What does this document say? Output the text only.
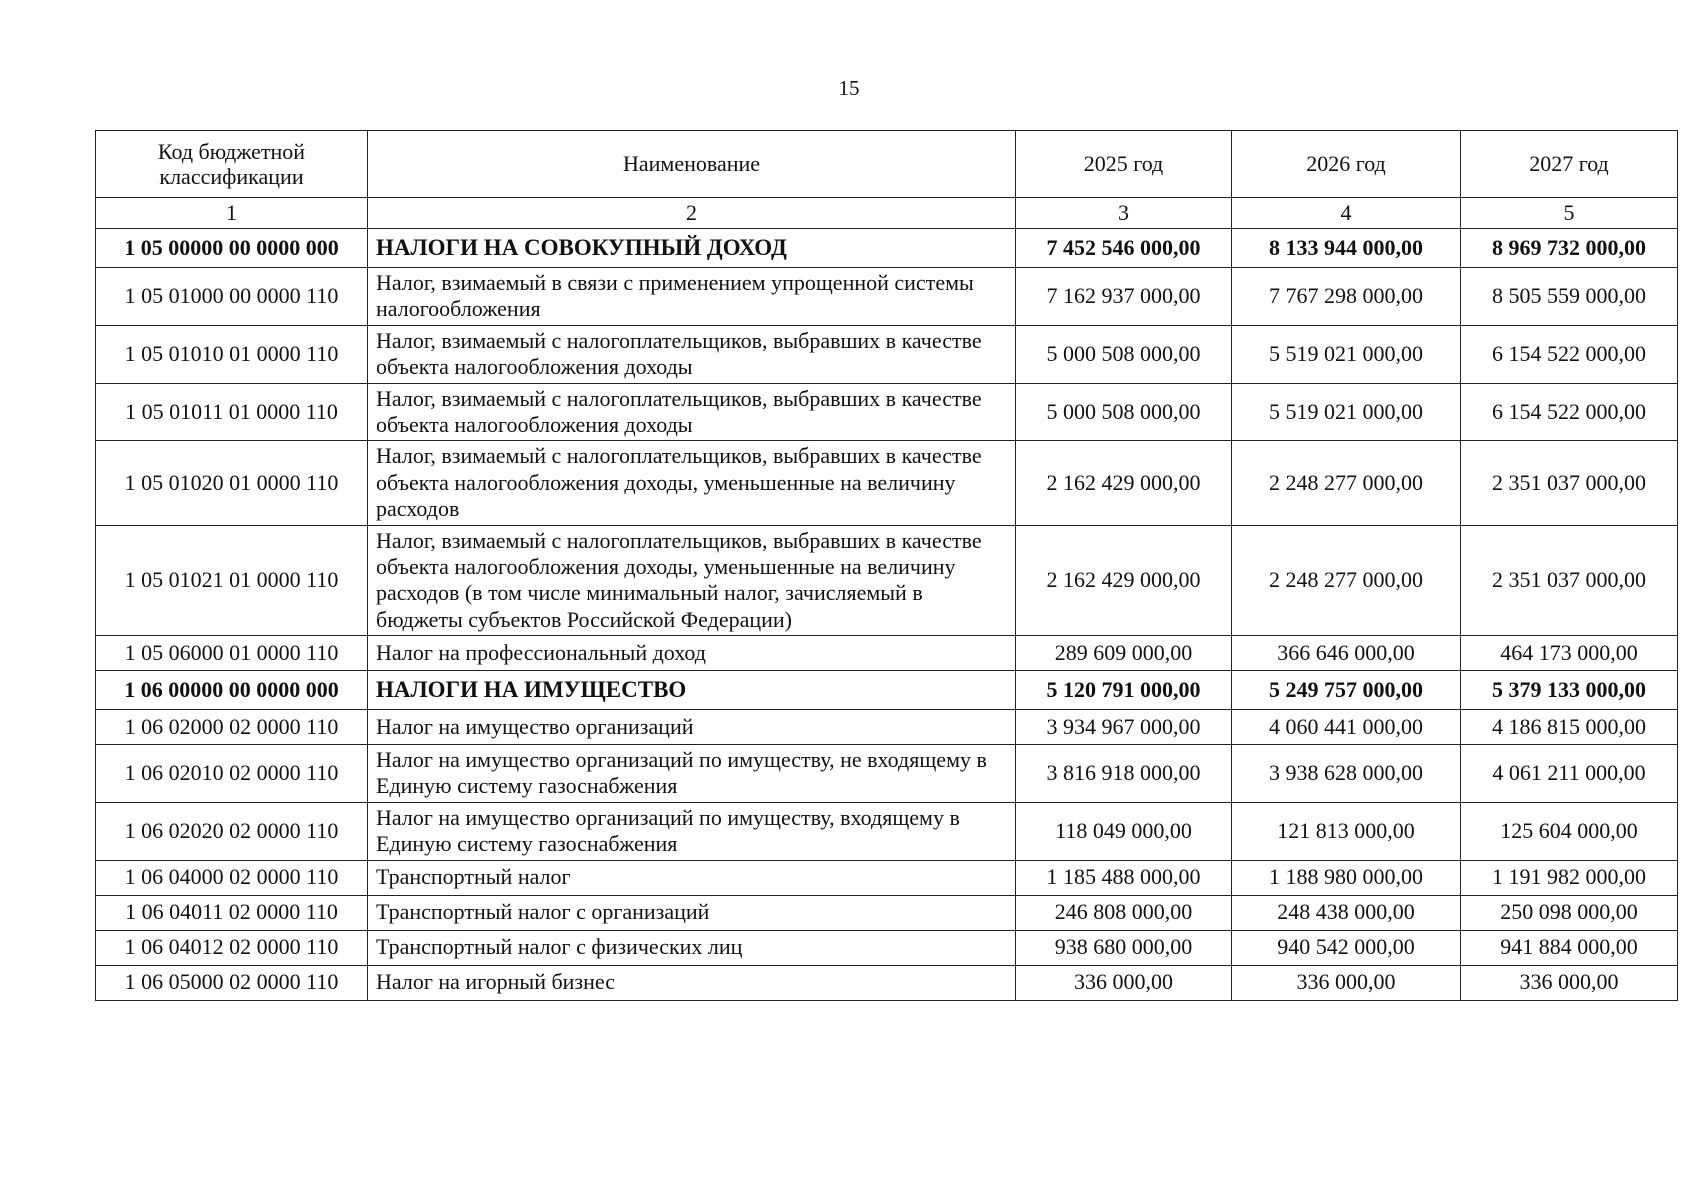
15
Код бюджетной классификации	Наименование	2025 год	2026 год	2027 год
1	2	3	4	5
1 05 00000 00 0000 000	НАЛОГИ НА СОВОКУПНЫЙ ДОХОД	7 452 546 000,00	8 133 944 000,00	8 969 732 000,00
1 05 01000 00 0000 110	Налог, взимаемый в связи с применением упрощенной системы налогообложения	7 162 937 000,00	7 767 298 000,00	8 505 559 000,00
1 05 01010 01 0000 110	Налог, взимаемый с налогоплательщиков, выбравших в качестве объекта налогообложения доходы	5 000 508 000,00	5 519 021 000,00	6 154 522 000,00
1 05 01011 01 0000 110	Налог, взимаемый с налогоплательщиков, выбравших в качестве объекта налогообложения доходы	5 000 508 000,00	5 519 021 000,00	6 154 522 000,00
1 05 01020 01 0000 110	Налог, взимаемый с налогоплательщиков, выбравших в качестве объекта налогообложения доходы, уменьшенные на величину расходов	2 162 429 000,00	2 248 277 000,00	2 351 037 000,00
1 05 01021 01 0000 110	Налог, взимаемый с налогоплательщиков, выбравших в качестве объекта налогообложения доходы, уменьшенные на величину расходов (в том числе минимальный налог, зачисляемый в бюджеты субъектов Российской Федерации)	2 162 429 000,00	2 248 277 000,00	2 351 037 000,00
1 05 06000 01 0000 110	Налог на профессиональный доход	289 609 000,00	366 646 000,00	464 173 000,00
1 06 00000 00 0000 000	НАЛОГИ НА ИМУЩЕСТВО	5 120 791 000,00	5 249 757 000,00	5 379 133 000,00
1 06 02000 02 0000 110	Налог на имущество организаций	3 934 967 000,00	4 060 441 000,00	4 186 815 000,00
1 06 02010 02 0000 110	Налог на имущество организаций по имуществу, не входящему в Единую систему газоснабжения	3 816 918 000,00	3 938 628 000,00	4 061 211 000,00
1 06 02020 02 0000 110	Налог на имущество организаций по имуществу, входящему в Единую систему газоснабжения	118 049 000,00	121 813 000,00	125 604 000,00
1 06 04000 02 0000 110	Транспортный налог	1 185 488 000,00	1 188 980 000,00	1 191 982 000,00
1 06 04011 02 0000 110	Транспортный налог с организаций	246 808 000,00	248 438 000,00	250 098 000,00
1 06 04012 02 0000 110	Транспортный налог с физических лиц	938 680 000,00	940 542 000,00	941 884 000,00
1 06 05000 02 0000 110	Налог на игорный бизнес	336 000,00	336 000,00	336 000,00
